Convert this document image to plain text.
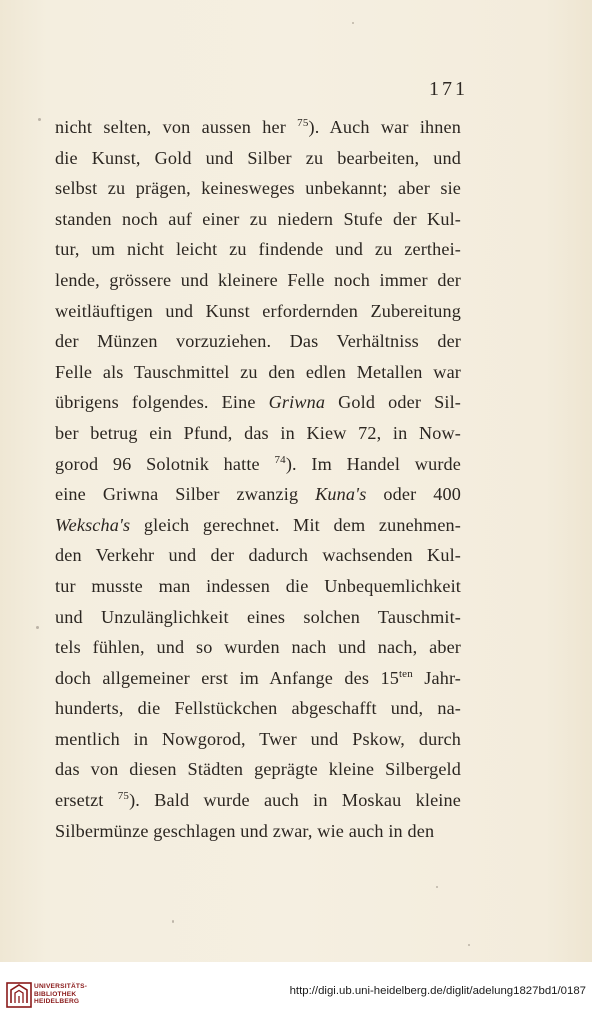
171
nicht selten, von aussen her $^{75}$). Auch war ihnen
die Kunst, Gold und Silber zu bearbeiten, und
selbst zu prägen, keinesweges unbekannt; aber sie
standen noch auf einer zu niedern Stufe der Kul-
tur, um nicht leicht zu findende und zu zerthei-
lende, grössere und kleinere Felle noch immer der
weitläuftigen und Kunst erfordernden Zubereitung
der Münzen vorzuziehen. Das Verhältniss der
Felle als Tauschmittel zu den edlen Metallen war
übrigens folgendes. Eine Griwna Gold oder Sil-
ber betrug ein Pfund, das in Kiew 72, in Now-
gorod 96 Solotnik hatte $^{74}$). Im Handel wurde
eine Griwna Silber zwanzig Kuna's oder 400
Wekscha's gleich gerechnet. Mit dem zunehmen-
den Verkehr und der dadurch wachsenden Kul-
tur musste man indessen die Unbequemlichkeit
und Unzulänglichkeit eines solchen Tauschmit-
tels fühlen, und so wurden nach und nach, aber
doch allgemeiner erst im Anfange des $15^{ten}$ Jahr-
hunderts, die Fellstückchen abgeschafft und, na-
mentlich in Nowgorod, Twer und Pskow, durch
das von diesen Städten geprägte kleine Silbergeld
ersetzt $^{75}$). Bald wurde auch in Moskau kleine
Silbermünze geschlagen und zwar, wie auch in den
UNIVERSITÄTS-
BIBLIOTHEK
HEIDELBERG
http://digi.ub.uni-heidelberg.de/diglit/adelung1827bd1/0187
